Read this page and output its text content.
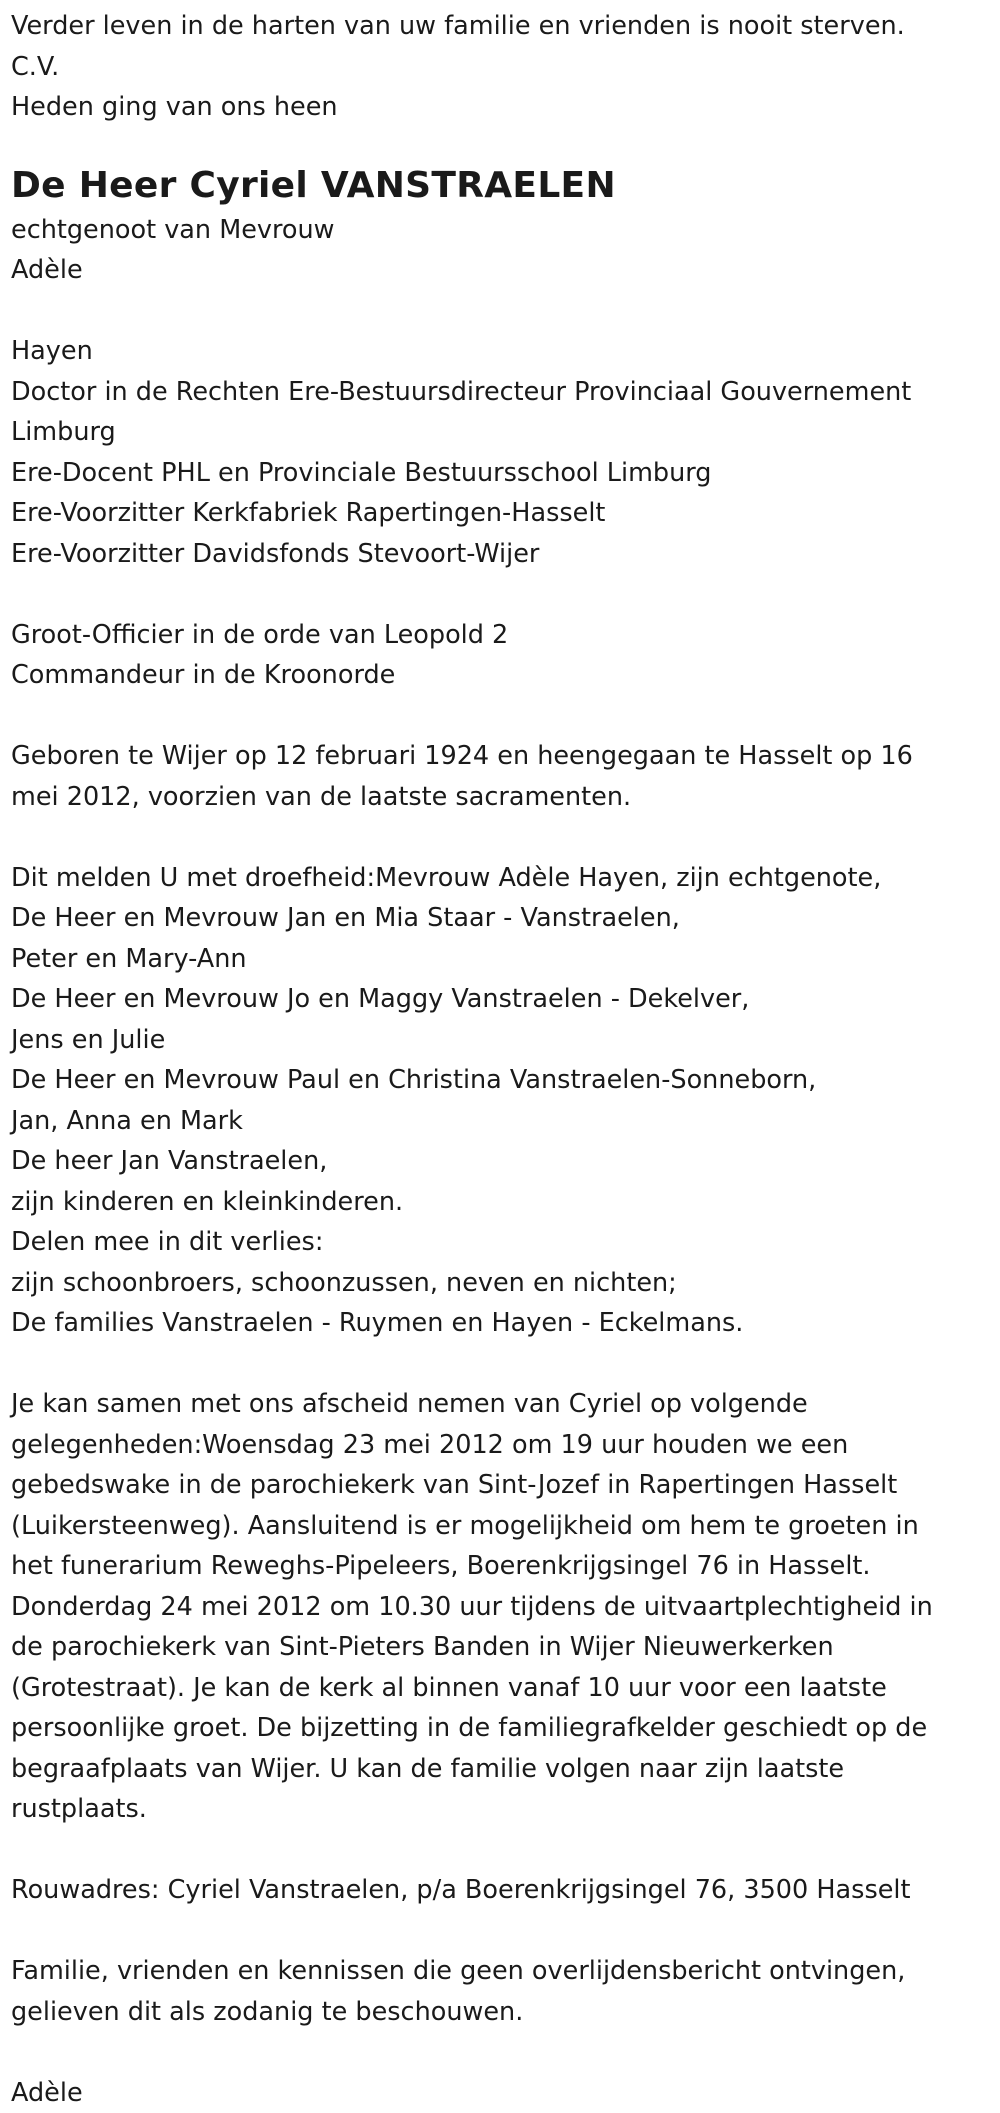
Verder leven in de harten van uw familie en vrienden is nooit sterven.

C.V.

Heden ging van ons heen

De Heer Cyriel VANSTRAELEN

echtgenoot van Mevrouw

Adèle

Hayen

Doctor in de Rechten Ere-Bestuursdirecteur Provinciaal Gouvernement

Limburg

Ere-Docent PHL en Provinciale Bestuursschool Limburg

Ere-Voorzitter Kerkfabriek Rapertingen-Hasselt

Ere-Voorzitter Davidsfonds Stevoort-Wijer

Groot-Officier in de orde van Leopold 2

Commandeur in de Kroonorde

Geboren te Wijer op 12 februari 1924 en heengegaan te Hasselt op 16

mei 2012, voorzien van de laatste sacramenten.

Dit melden U met droefheid:Mevrouw Adèle Hayen, zijn echtgenote,

De Heer en Mevrouw Jan en Mia Staar - Vanstraelen,

Peter en Mary-Ann

De Heer en Mevrouw Jo en Maggy Vanstraelen - Dekelver,

Jens en Julie

De Heer en Mevrouw Paul en Christina Vanstraelen-Sonneborn,

Jan, Anna en Mark

De heer Jan Vanstraelen,

zijn kinderen en kleinkinderen.

Delen mee in dit verlies:

zijn schoonbroers, schoonzussen, neven en nichten;

De families Vanstraelen - Ruymen en Hayen - Eckelmans.

Je kan samen met ons afscheid nemen van Cyriel op volgende

gelegenheden:Woensdag 23 mei 2012 om 19 uur houden we een

gebedswake in de parochiekerk van Sint-Jozef in Rapertingen Hasselt

(Luikersteenweg). Aansluitend is er mogelijkheid om hem te groeten in

het funerarium Reweghs-Pipeleers, Boerenkrijgsingel 76 in Hasselt.

Donderdag 24 mei 2012 om 10.30 uur tijdens de uitvaartplechtigheid in

de parochiekerk van Sint-Pieters Banden in Wijer Nieuwerkerken

(Grotestraat). Je kan de kerk al binnen vanaf 10 uur voor een laatste

persoonlijke groet. De bijzetting in de familiegrafkelder geschiedt op de

begraafplaats van Wijer. U kan de familie volgen naar zijn laatste

rustplaats.

Rouwadres: Cyriel Vanstraelen, p/a Boerenkrijgsingel 76, 3500 Hasselt

Familie, vrienden en kennissen die geen overlijdensbericht ontvingen,

gelieven dit als zodanig te beschouwen.

Adèle
